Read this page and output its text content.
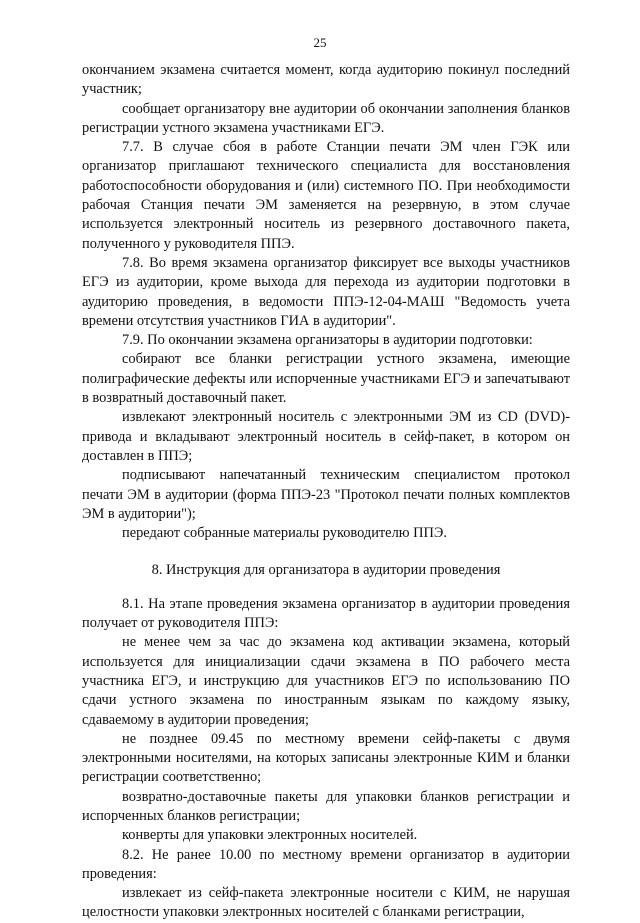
25

окончанием экзамена считается момент, когда аудиторию покинул последний участник;

сообщает организатору вне аудитории об окончании заполнения бланков регистрации устного экзамена участниками ЕГЭ.

7.7. В случае сбоя в работе Станции печати ЭМ член ГЭК или организатор приглашают технического специалиста для восстановления работоспособности оборудования и (или) системного ПО. При необходимости рабочая Станция печати ЭМ заменяется на резервную, в этом случае используется электронный носитель из резервного доставочного пакета, полученного у руководителя ППЭ.

7.8. Во время экзамена организатор фиксирует все выходы участников ЕГЭ из аудитории, кроме выхода для перехода из аудитории подготовки в аудиторию проведения, в ведомости ППЭ-12-04-МАШ "Ведомость учета времени отсутствия участников ГИА в аудитории".

7.9. По окончании экзамена организаторы в аудитории подготовки:

собирают все бланки регистрации устного экзамена, имеющие полиграфические дефекты или испорченные участниками ЕГЭ и запечатывают в возвратный доставочный пакет.

извлекают электронный носитель с электронными ЭМ из CD (DVD)-привода и вкладывают электронный носитель в сейф-пакет, в котором он доставлен в ППЭ;

подписывают напечатанный техническим специалистом протокол печати ЭМ в аудитории (форма ППЭ-23 "Протокол печати полных комплектов ЭМ в аудитории");

передают собранные материалы руководителю ППЭ.

8. Инструкция для организатора в аудитории проведения

8.1. На этапе проведения экзамена организатор в аудитории проведения получает от руководителя ППЭ:

не менее чем за час до экзамена код активации экзамена, который используется для инициализации сдачи экзамена в ПО рабочего места участника ЕГЭ, и инструкцию для участников ЕГЭ по использованию ПО сдачи устного экзамена по иностранным языкам по каждому языку, сдаваемому в аудитории проведения;

не позднее 09.45 по местному времени сейф-пакеты с двумя электронными носителями, на которых записаны электронные КИМ и бланки регистрации соответственно;

возвратно-доставочные пакеты для упаковки бланков регистрации и испорченных бланков регистрации;

конверты для упаковки электронных носителей.

8.2. Не ранее 10.00 по местному времени организатор в аудитории проведения:

извлекает из сейф-пакета электронные носители с КИМ, не нарушая целостности упаковки электронных носителей с бланками регистрации,
